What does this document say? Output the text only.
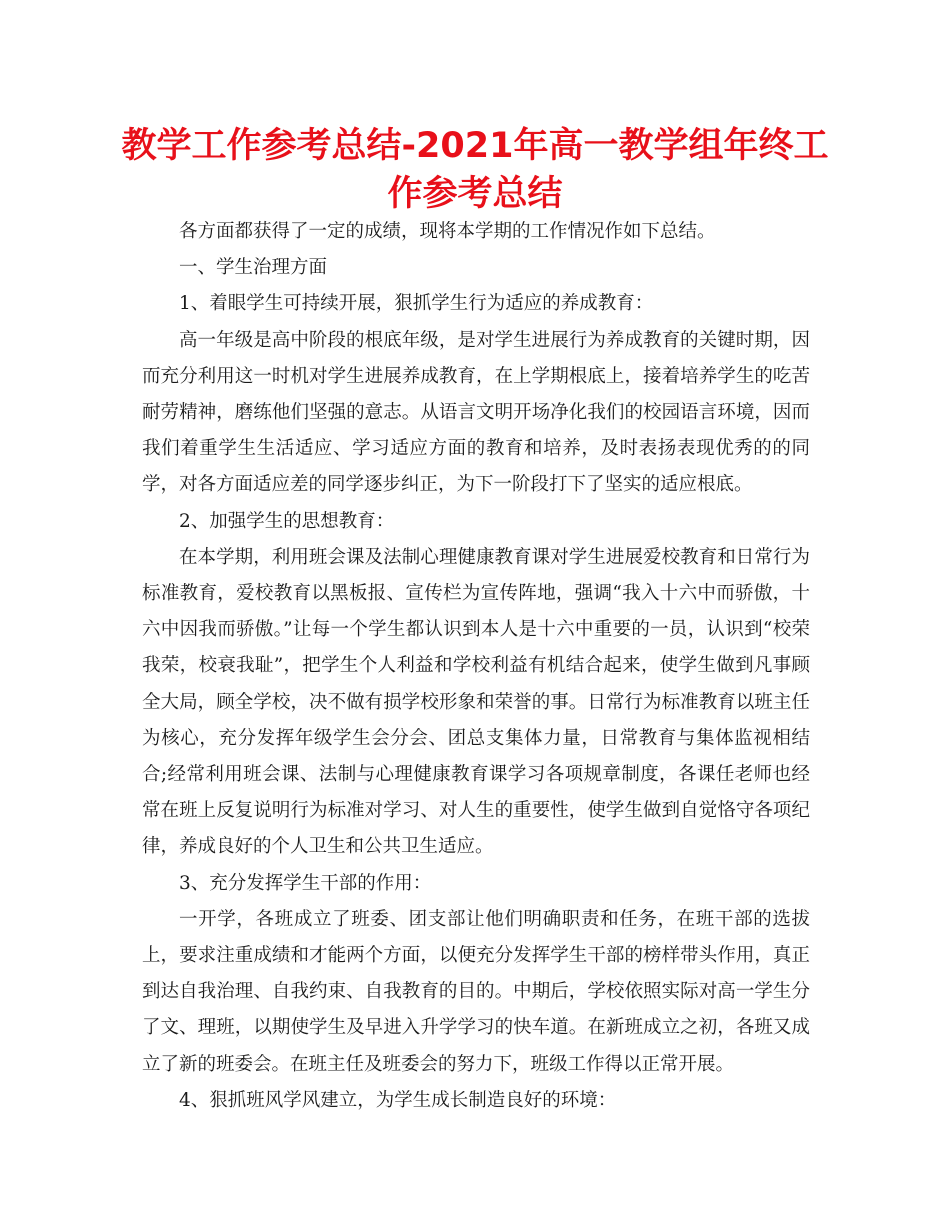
教学工作参考总结-2021年高一教学组年终工作参考总结

各方面都获得了一定的成绩，现将本学期的工作情况作如下总结。

一、学生治理方面

1、着眼学生可持续开展，狠抓学生行为适应的养成教育：

高一年级是高中阶段的根底年级，是对学生进展行为养成教育的关键时期，因而充分利用这一时机对学生进展养成教育，在上学期根底上，接着培养学生的吃苦耐劳精神，磨练他们坚强的意志。从语言文明开场净化我们的校园语言环境，因而我们着重学生生活适应、学习适应方面的教育和培养，及时表扬表现优秀的的同学，对各方面适应差的同学逐步纠正，为下一阶段打下了坚实的适应根底。

2、加强学生的思想教育：

在本学期，利用班会课及法制心理健康教育课对学生进展爱校教育和日常行为标准教育，爱校教育以黑板报、宣传栏为宣传阵地，强调“我入十六中而骄傲，十六中因我而骄傲。”让每一个学生都认识到本人是十六中重要的一员，认识到“校荣我荣，校衰我耻”，把学生个人利益和学校利益有机结合起来，使学生做到凡事顾全大局，顾全学校，决不做有损学校形象和荣誉的事。日常行为标准教育以班主任为核心，充分发挥年级学生会分会、团总支集体力量，日常教育与集体监视相结合;经常利用班会课、法制与心理健康教育课学习各项规章制度，各课任老师也经常在班上反复说明行为标准对学习、对人生的重要性，使学生做到自觉恪守各项纪律，养成良好的个人卫生和公共卫生适应。

3、充分发挥学生干部的作用：

一开学，各班成立了班委、团支部让他们明确职责和任务，在班干部的选拔上，要求注重成绩和才能两个方面，以便充分发挥学生干部的榜样带头作用，真正到达自我治理、自我约束、自我教育的目的。中期后，学校依照实际对高一学生分了文、理班，以期使学生及早进入升学学习的快车道。在新班成立之初，各班又成立了新的班委会。在班主任及班委会的努力下，班级工作得以正常开展。

4、狠抓班风学风建立，为学生成长制造良好的环境：
